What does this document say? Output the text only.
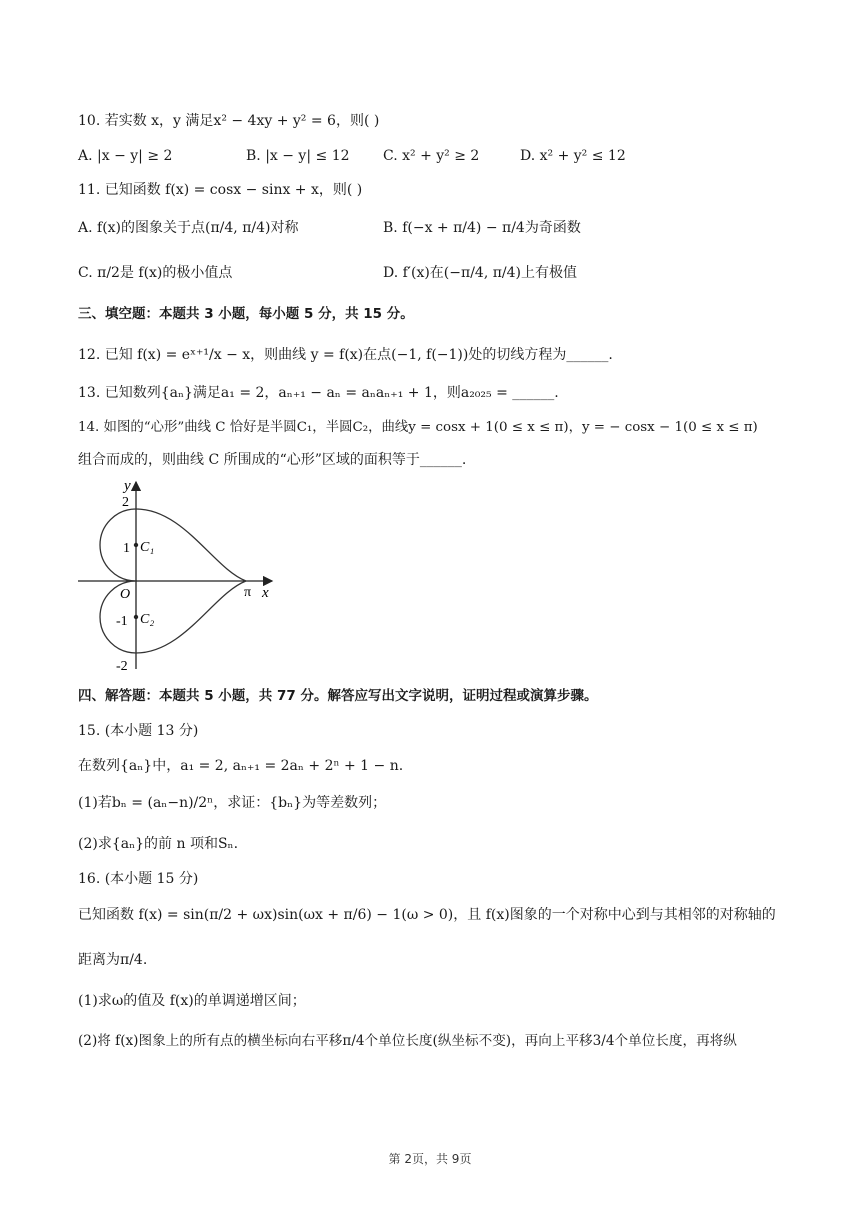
10. 若实数 x，y 满足x² − 4xy + y² = 6，则( )
A. |x − y| ≥ 2	B. |x − y| ≤ 12 C. x² + y² ≥ 2	D. x² + y² ≤ 12
11. 已知函数 f(x) = cosx − sinx + x，则( )
A. f(x)的图象关于点(π/4, π/4)对称	B. f(−x + π/4) − π/4为奇函数
C. π/2是 f(x)的极小值点	D. f′(x)在(−π/4, π/4)上有极值
三、填空题：本题共 3 小题，每小题 5 分，共 15 分。
12. 已知 f(x) = eˣ⁺¹/x − x，则曲线 y = f(x)在点(−1, f(−1))处的切线方程为______.
13. 已知数列{aₙ}满足a₁ = 2，aₙ₊₁ − aₙ = aₙaₙ₊₁ + 1，则a₂₀₂₅ = ______.
14. 如图的“心形”曲线 C 恰好是半圆C₁，半圆C₂，曲线y = cosx + 1(0 ≤ x ≤ π)，y = − cosx − 1(0 ≤ x ≤ π)
组合而成的，则曲线 C 所围成的“心形”区域的面积等于______.
y
x
O	π
2
1
-1
-2
C₁
C₂
四、解答题：本题共 5 小题，共 77 分。解答应写出文字说明，证明过程或演算步骤。
15. (本小题 13 分)
在数列{aₙ}中，a₁ = 2, aₙ₊₁ = 2aₙ + 2ⁿ + 1 − n.
(1)若bₙ = (aₙ−n)/2ⁿ，求证：{bₙ}为等差数列；
(2)求{aₙ}的前 n 项和Sₙ.
16. (本小题 15 分)
已知函数 f(x) = sin(π/2 + ωx)sin(ωx + π/6) − 1(ω > 0)，且 f(x)图象的一个对称中心到与其相邻的对称轴的
距离为π/4.
(1)求ω的值及 f(x)的单调递增区间；
(2)将 f(x)图象上的所有点的横坐标向右平移π/4个单位长度(纵坐标不变)，再向上平移3/4个单位长度，再将纵
第 2页，共 9页
